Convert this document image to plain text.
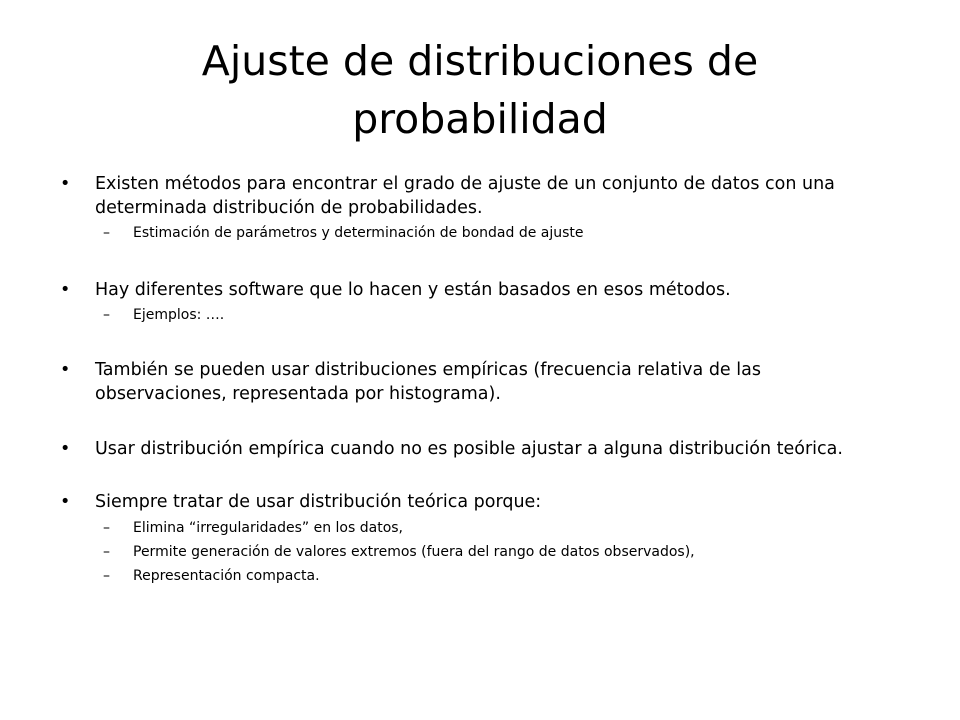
Ajuste de distribuciones de probabilidad
• Existen métodos para encontrar el grado de ajuste de un conjunto de datos con una determinada distribución de probabilidades.
– Estimación de parámetros y determinación de bondad de ajuste
• Hay diferentes software que lo hacen y están basados en esos métodos.
– Ejemplos: ….
• También se pueden usar distribuciones empíricas (frecuencia relativa de las observaciones, representada por histograma).
• Usar distribución empírica cuando no es posible ajustar a alguna distribución teórica.
• Siempre tratar de usar distribución teórica porque:
– Elimina “irregularidades” en los datos,
– Permite generación de valores extremos (fuera del rango de datos observados),
– Representación compacta.
